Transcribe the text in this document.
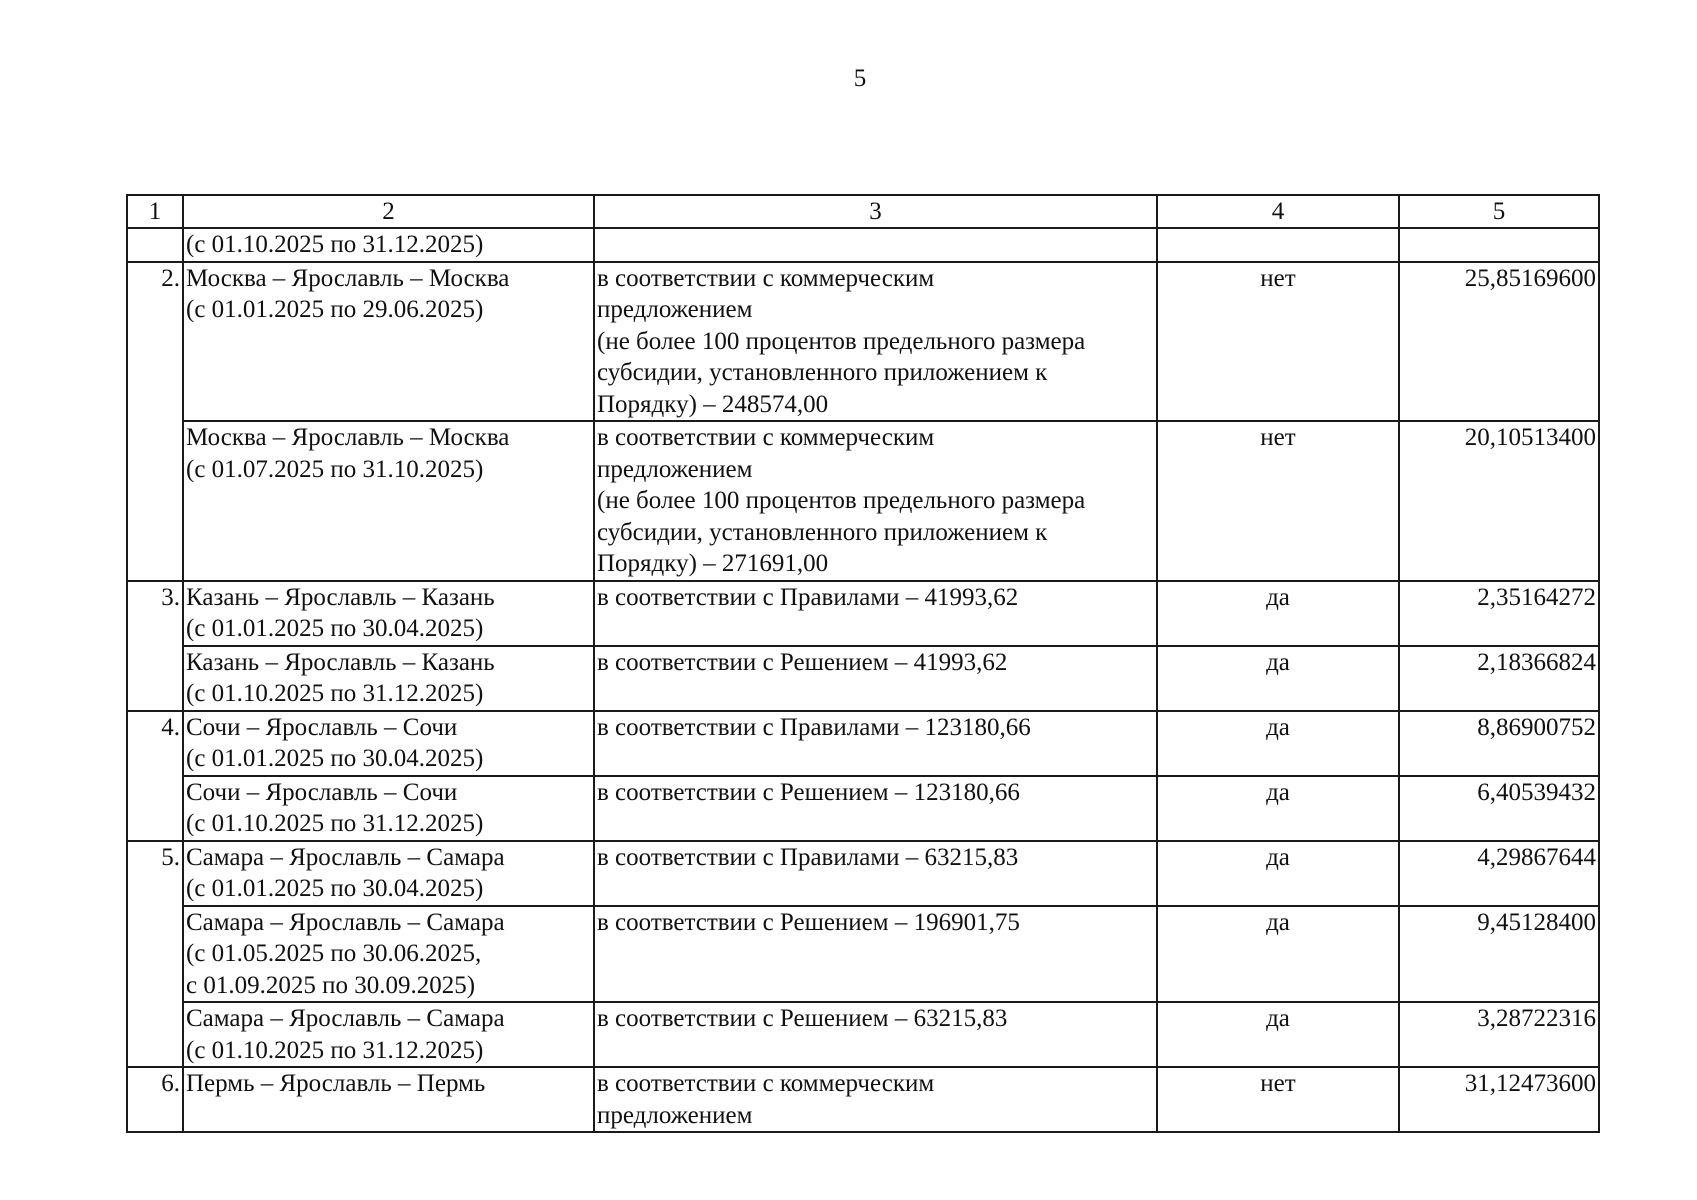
5
1	2	3	4	5

	(с 01.10.2025 по 31.12.2025)			

2.	Москва – Ярославль – Москва
(с 01.01.2025 по 29.06.2025)	в соответствии с коммерческим
предложением
(не более 100 процентов предельного размера
субсидии, установленного приложением к
Порядку) – 248574,00	нет	25,85169600

	Москва – Ярославль – Москва
(с 01.07.2025 по 31.10.2025)	в соответствии с коммерческим
предложением
(не более 100 процентов предельного размера
субсидии, установленного приложением к
Порядку) – 271691,00	нет	20,10513400
3.	Казань – Ярославль – Казань
(с 01.01.2025 по 30.04.2025)	в соответствии с Правилами – 41993,62	да	2,35164272

	Казань – Ярославль – Казань
(с 01.10.2025 по 31.12.2025)	в соответствии с Решением – 41993,62	да	2,18366824
4.	Сочи – Ярославль – Сочи
(с 01.01.2025 по 30.04.2025)	в соответствии с Правилами – 123180,66	да	8,86900752

	Сочи – Ярославль – Сочи
(с 01.10.2025 по 31.12.2025)	в соответствии с Решением – 123180,66	да	6,40539432
5.	Самара – Ярославль – Самара
(с 01.01.2025 по 30.04.2025)	в соответствии с Правилами – 63215,83	да	4,29867644

	Самара – Ярославль – Самара
(с 01.05.2025 по 30.06.2025,
с 01.09.2025 по 30.09.2025)	в соответствии с Решением – 196901,75	да	9,45128400

	Самара – Ярославль – Самара
(с 01.10.2025 по 31.12.2025)	в соответствии с Решением – 63215,83	да	3,28722316
6.	Пермь – Ярославль – Пермь	в соответствии с коммерческим
предложением	нет	31,12473600
